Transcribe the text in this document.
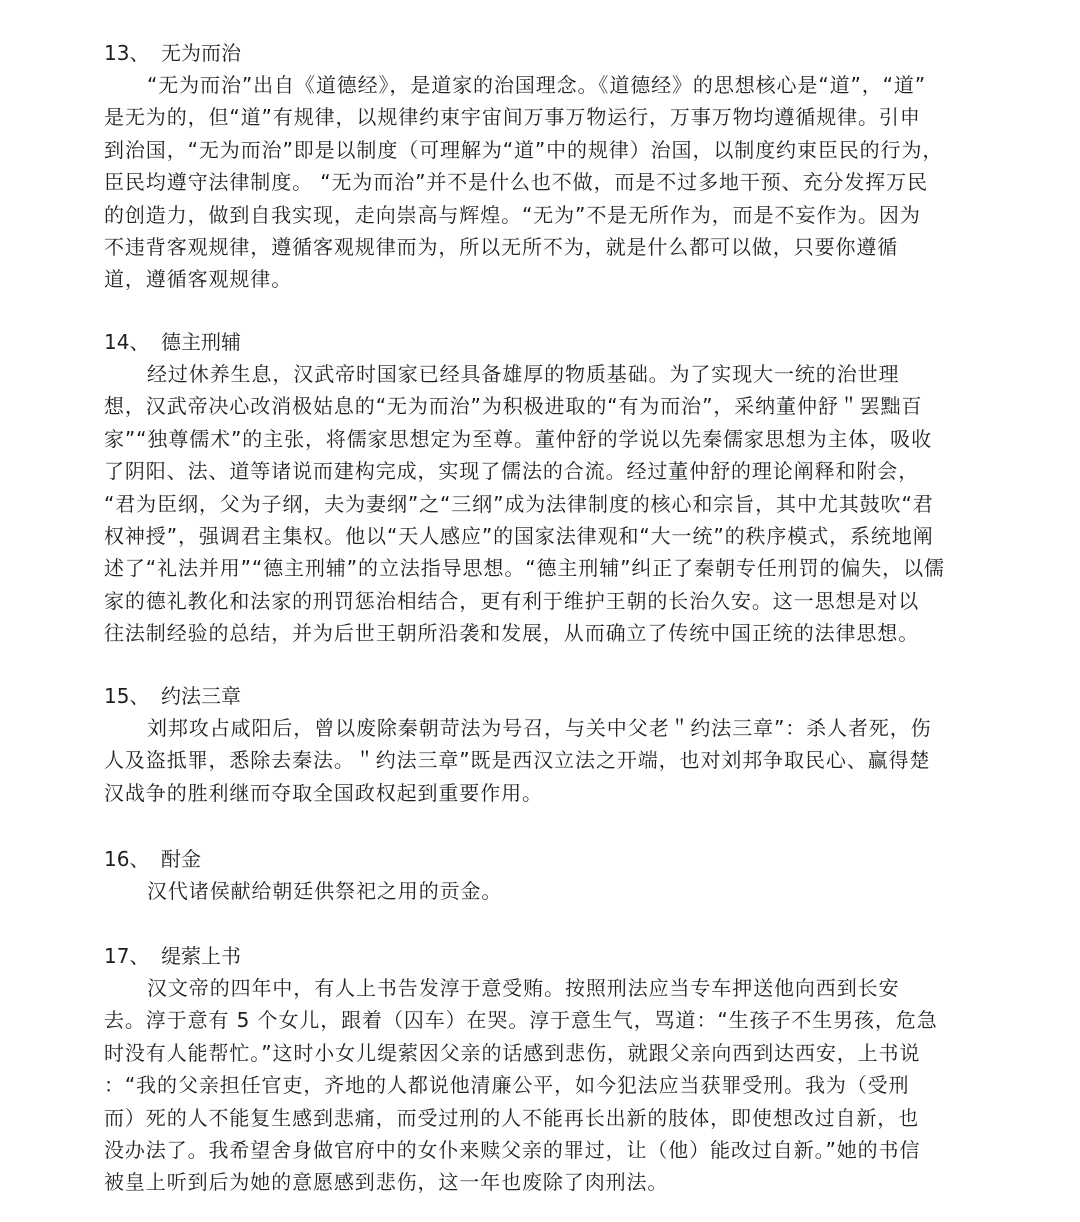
13、 无为而治
“无为而治”出自《道德经》，是道家的治国理念。《道德经》的思想核心是“道”，“道”
是无为的，但“道”有规律，以规律约束宇宙间万事万物运行，万事万物均遵循规律。引申
到治国，“无为而治”即是以制度（可理解为“道”中的规律）治国，以制度约束臣民的行为，
臣民均遵守法律制度。 “无为而治”并不是什么也不做，而是不过多地干预、充分发挥万民
的创造力，做到自我实现，走向崇高与辉煌。“无为”不是无所作为，而是不妄作为。因为
不违背客观规律，遵循客观规律而为，所以无所不为，就是什么都可以做，只要你遵循
道，遵循客观规律。
14、 德主刑辅
经过休养生息，汉武帝时国家已经具备雄厚的物质基础。为了实现大一统的治世理
想，汉武帝决心改消极姑息的“无为而治”为积极进取的“有为而治”，采纳董仲舒＂罢黜百
家”“独尊儒术”的主张，将儒家思想定为至尊。董仲舒的学说以先秦儒家思想为主体，吸收
了阴阳、法、道等诸说而建构完成，实现了儒法的合流。经过董仲舒的理论阐释和附会，
“君为臣纲，父为子纲，夫为妻纲”之“三纲”成为法律制度的核心和宗旨，其中尤其鼓吹“君
权神授”，强调君主集权。他以“天人感应”的国家法律观和“大一统”的秩序模式，系统地阐
述了“礼法并用”“德主刑辅”的立法指导思想。“德主刑辅”纠正了秦朝专任刑罚的偏失，以儒
家的德礼教化和法家的刑罚惩治相结合，更有利于维护王朝的长治久安。这一思想是对以
往法制经验的总结，并为后世王朝所沿袭和发展，从而确立了传统中国正统的法律思想。
15、 约法三章
刘邦攻占咸阳后，曾以废除秦朝苛法为号召，与关中父老＂约法三章”：杀人者死，伤
人及盗抵罪，悉除去秦法。＂约法三章”既是西汉立法之开端，也对刘邦争取民心、赢得楚
汉战争的胜利继而夺取全国政权起到重要作用。
16、 酎金
汉代诸侯献给朝廷供祭祀之用的贡金。
17、 缇萦上书
汉文帝的四年中，有人上书告发淳于意受贿。按照刑法应当专车押送他向西到长安
去。淳于意有 5 个女儿，跟着（囚车）在哭。淳于意生气，骂道：“生孩子不生男孩，危急
时没有人能帮忙。”这时小女儿缇萦因父亲的话感到悲伤，就跟父亲向西到达西安，上书说
：“我的父亲担任官吏，齐地的人都说他清廉公平，如今犯法应当获罪受刑。我为（受刑
而）死的人不能复生感到悲痛，而受过刑的人不能再长出新的肢体，即使想改过自新，也
没办法了。我希望舍身做官府中的女仆来赎父亲的罪过，让（他）能改过自新。”她的书信
被皇上听到后为她的意愿感到悲伤，这一年也废除了肉刑法。
